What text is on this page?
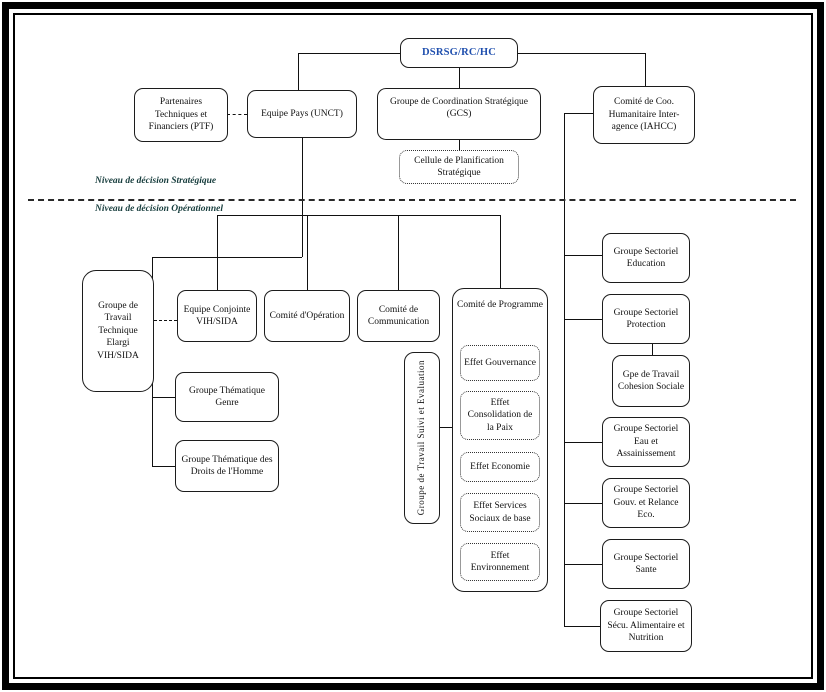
Niveau de décision Stratégique
Niveau de décision Opérationnel
DSRSG/RC/HC
Partenaires Techniques et Financiers (PTF)
Equipe Pays (UNCT)
Groupe de Coordination Stratégique (GCS)
Comité de Coo. Humanitaire Inter-agence (IAHCC)
Cellule de Planification Stratégique
Groupe de Travail Technique Elargi VIH/SIDA
Equipe Conjointe VIH/SIDA
Comité d'Opération
Comité de Communication
Groupe Thématique Genre
Groupe Thématique des Droits de l'Homme	Groupe de Travail Suivi et Evaluation
Comité de Programme
Effet Gouvernance
Effet Consolidation de la Paix
Effet Economie
Effet Services Sociaux de base
Effet Environnement
Groupe Sectoriel Education
Groupe Sectoriel Protection
Gpe de Travail Cohesion Sociale
Groupe Sectoriel Eau et Assainissement
Groupe Sectoriel Gouv. et Relance Eco.
Groupe Sectoriel Sante
Groupe Sectoriel Sécu. Alimentaire et Nutrition
